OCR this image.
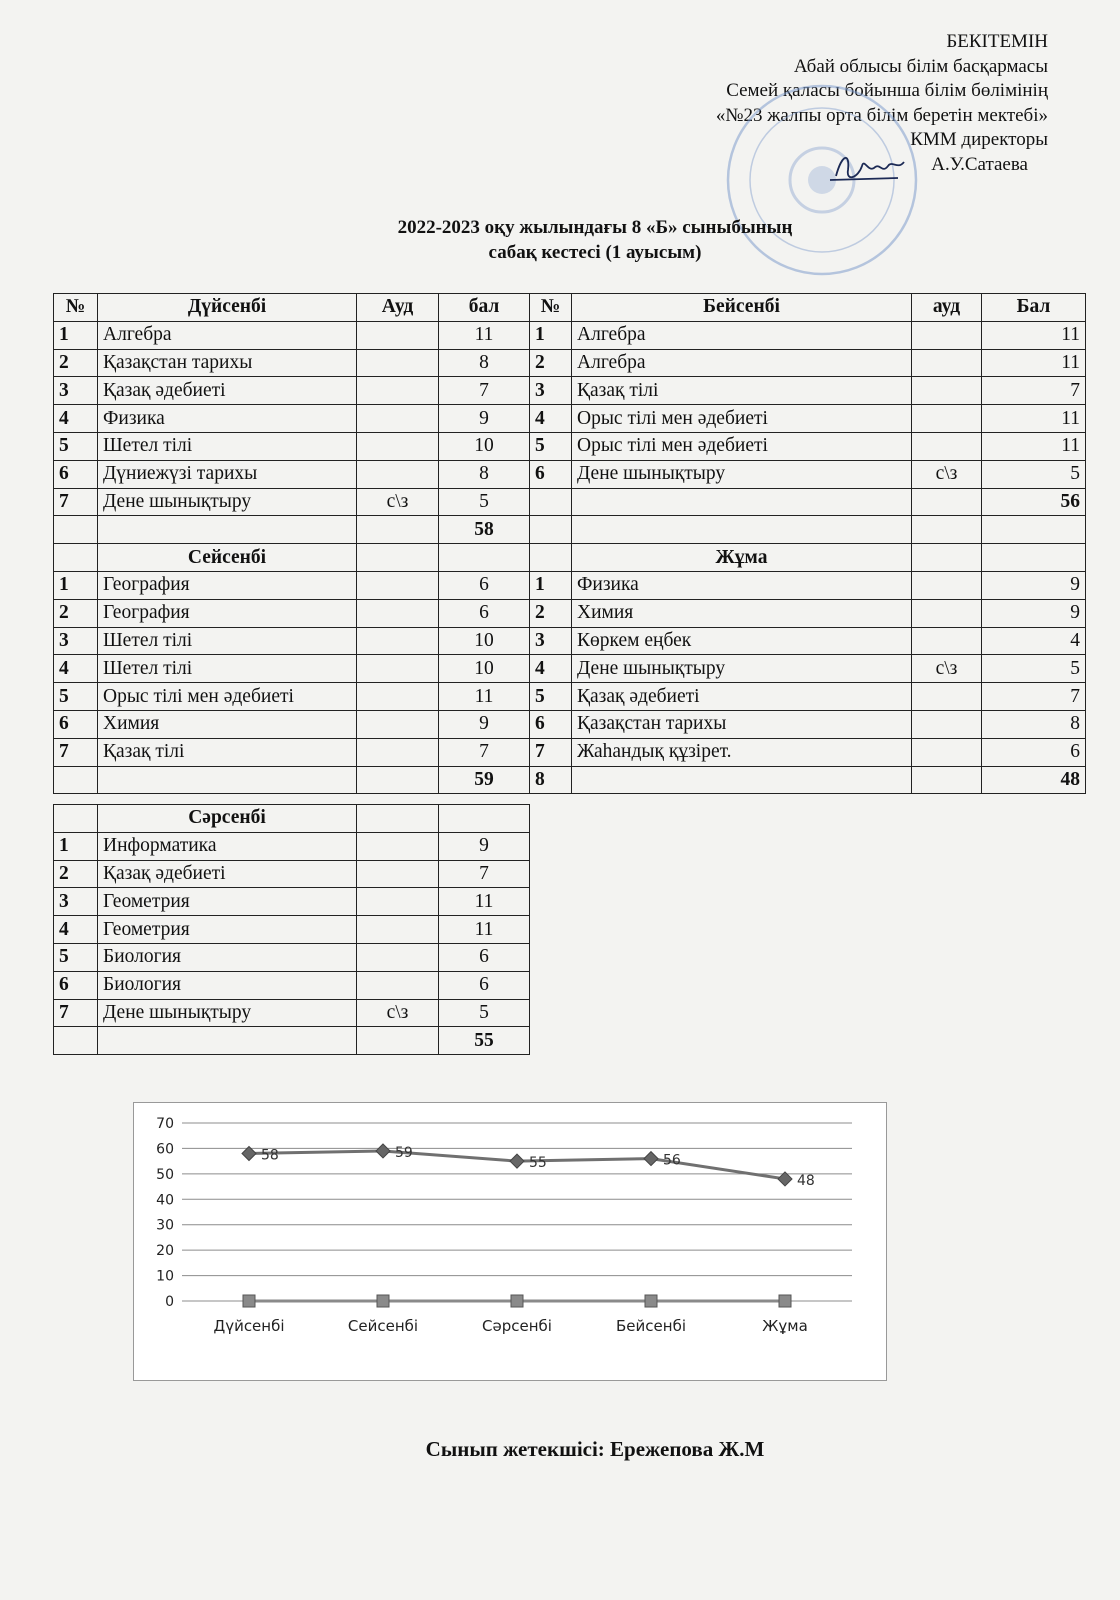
БЕКІТЕМІН
Абай облысы білім басқармасы
Семей қаласы бойынша білім бөлімінің
«№23 жалпы орта білім беретін мектебі»
КММ директоры
А.У.Сатаева
2022-2023 оқу жылындағы 8 «Б» сыныбының
сабақ кестесі (1 ауысым)
№	Дүйсенбі	Ауд	бал
1	Алгебра		11
2	Қазақстан тарихы		8
3	Қазақ әдебиеті		7
4	Физика		9
5	Шетел тілі		10
6	Дүниежүзі тарихы		8
7	Дене шынықтыру	с\з	5
			58
	Сейсенбі		
1	География		6
2	География		6
3	Шетел тілі		10
4	Шетел тілі		10
5	Орыс тілі мен әдебиеті		11
6	Химия		9
7	Қазақ тілі		7
			59
№	Бейсенбі	ауд	Бал
1	Алгебра		11
2	Алгебра		11
3	Қазақ тілі		7
4	Орыс тілі мен әдебиеті		11
5	Орыс тілі мен әдебиеті		11
6	Дене шынықтыру	с\з	5
			56

	Жұма		
1	Физика		9
2	Химия		9
3	Көркем еңбек		4
4	Дене шынықтыру	с\з	5
5	Қазақ әдебиеті		7
6	Қазақстан тарихы		8
7	Жаһандық құзірет.		6
8			48
	Сәрсенбі		
1	Информатика		9
2	Қазақ әдебиеті		7
3	Геометрия		11
4	Геометрия		11
5	Биология		6
6	Биология		6
7	Дене шынықтыру	с\з	5
			55
0
10
20
30
40
50
60
70
Дүйсенбі	Сейсенбі	Сәрсенбі	Бейсенбі	Жұма
58	59
55	56
48
Сынып жетекшісі: Ережепова Ж.М
